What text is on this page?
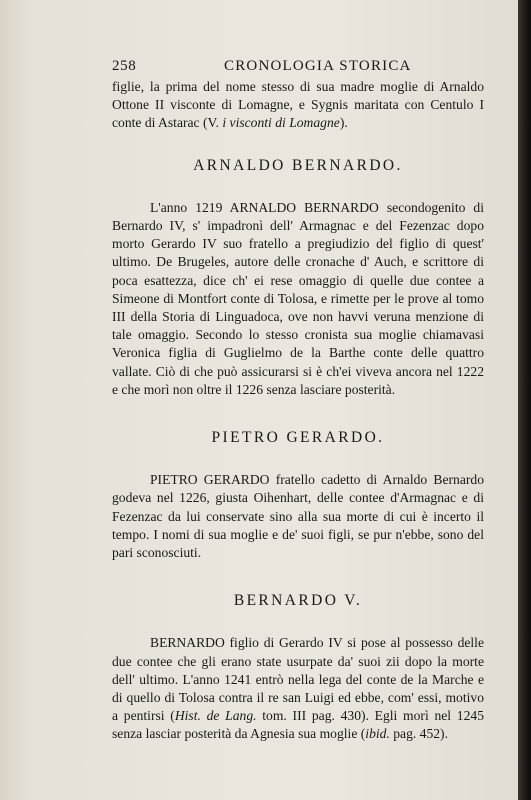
258	CRONOLOGIA STORICA

figlie, la prima del nome stesso di sua madre moglie di Arnaldo Ottone II visconte di Lomagne, e Sygnis maritata con Centulo I conte di Astarac (V. i visconti di Lomagne).

ARNALDO BERNARDO.

L'anno 1219 ARNALDO BERNARDO secondogenito di Bernardo IV, s' impadronì dell' Armagnac e del Fezenzac dopo morto Gerardo IV suo fratello a pregiudizio del figlio di quest' ultimo. De Brugeles, autore delle cronache d' Auch, e scrittore di poca esattezza, dice ch' ei rese omaggio di quelle due contee a Simeone di Montfort conte di Tolosa, e rimette per le prove al tomo III della Storia di Linguadoca, ove non havvi veruna menzione di tale omaggio. Secondo lo stesso cronista sua moglie chiamavasi Veronica figlia di Guglielmo de la Barthe conte delle quattro vallate. Ciò di che può assicurarsi si è ch'ei viveva ancora nel 1222 e che morì non oltre il 1226 senza lasciare posterità.

PIETRO GERARDO.

PIETRO GERARDO fratello cadetto di Arnaldo Bernardo godeva nel 1226, giusta Oihenhart, delle contee d'Armagnac e di Fezenzac da lui conservate sino alla sua morte di cui è incerto il tempo. I nomi di sua moglie e de' suoi figli, se pur n'ebbe, sono del pari sconosciuti.

BERNARDO V.

BERNARDO figlio di Gerardo IV si pose al possesso delle due contee che gli erano state usurpate da' suoi zii dopo la morte dell' ultimo. L'anno 1241 entrò nella lega del conte de la Marche e di quello di Tolosa contra il re san Luigi ed ebbe, com' essi, motivo a pentirsi (Hist. de Lang. tom. III pag. 430). Egli morì nel 1245 senza lasciar posterità da Agnesia sua moglie (ibid. pag. 452).
